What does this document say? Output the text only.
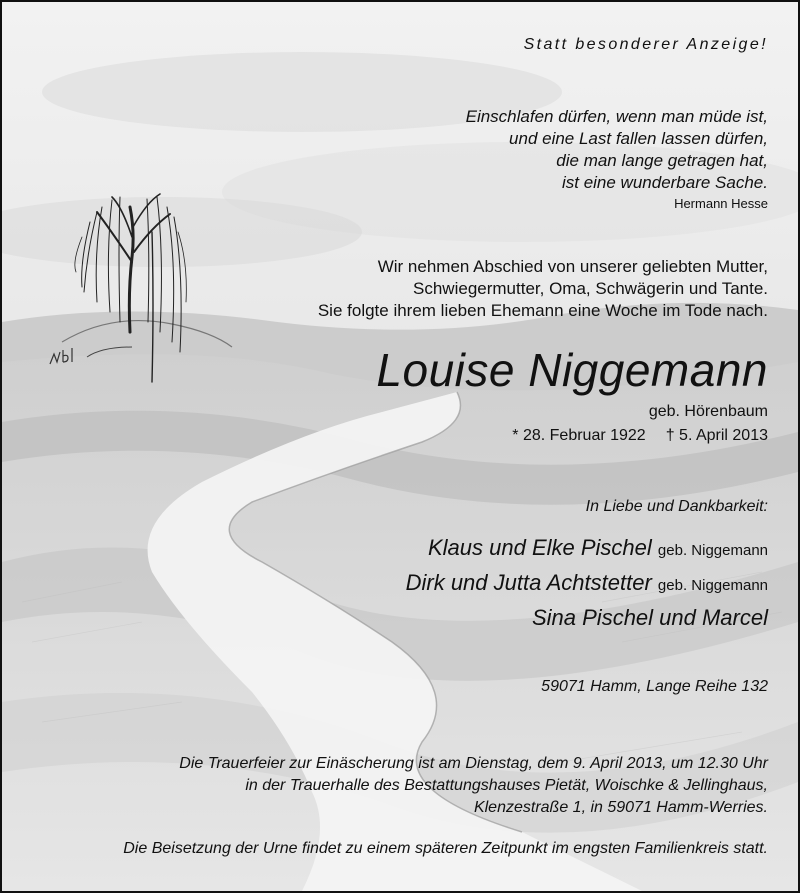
Statt besonderer Anzeige!
Einschlafen dürfen, wenn man müde ist,
und eine Last fallen lassen dürfen,
die man lange getragen hat,
ist eine wunderbare Sache.
Hermann Hesse
Wir nehmen Abschied von unserer geliebten Mutter,
Schwiegermutter, Oma, Schwägerin und Tante.
Sie folgte ihrem lieben Ehemann eine Woche im Tode nach.
Louise Niggemann
geb. Hörenbaum
* 28. Februar 1922 † 5. April 2013
In Liebe und Dankbarkeit:
Klaus und Elke Pischel geb. Niggemann
Dirk und Jutta Achtstetter geb. Niggemann
Sina Pischel und Marcel
59071 Hamm, Lange Reihe 132
Die Trauerfeier zur Einäscherung ist am Dienstag, dem 9. April 2013, um 12.30 Uhr
in der Trauerhalle des Bestattungshauses Pietät, Woischke & Jellinghaus,
Klenzestraße 1, in 59071 Hamm-Werries.
Die Beisetzung der Urne findet zu einem späteren Zeitpunkt im engsten Familienkreis statt.
